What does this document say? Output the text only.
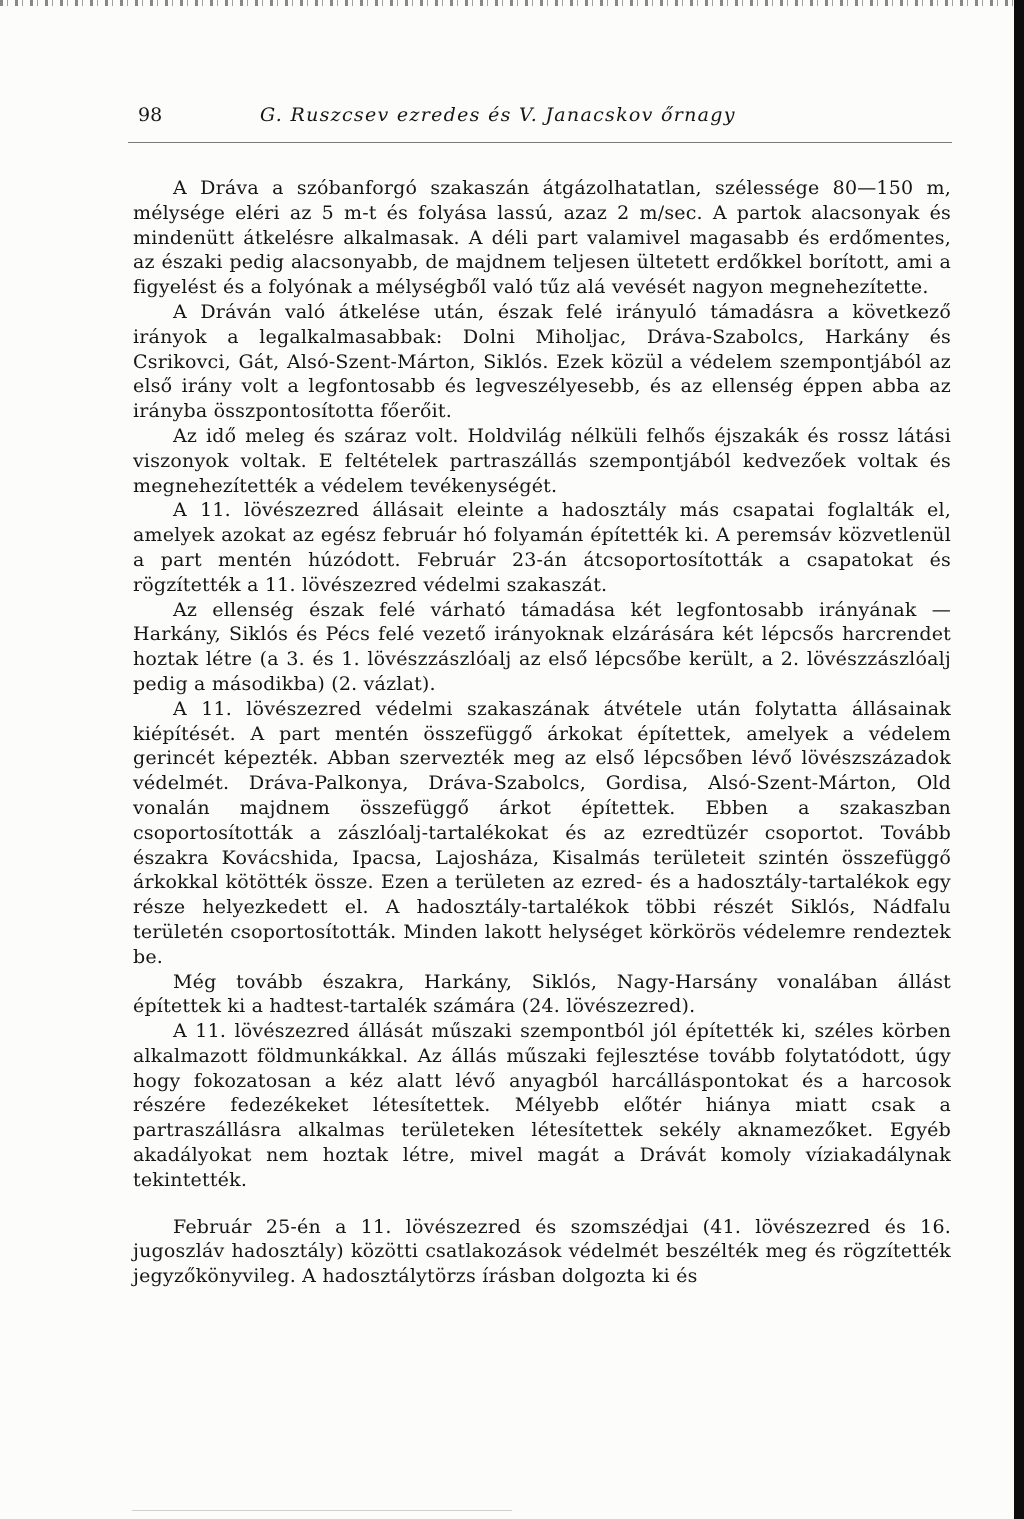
98	G. Ruszcsev ezredes és V. Janacskov őrnagy

A Dráva a szóbanforgó szakaszán átgázolhatatlan, szélessége 80—150 m, mélysége eléri az 5 m-t és folyása lassú, azaz 2 m/sec. A partok alacsonyak és mindenütt átkelésre alkalmasak. A déli part valamivel magasabb és erdőmentes, az északi pedig alacsonyabb, de majdnem teljesen ültetett erdőkkel borított, ami a figyelést és a folyónak a mélységből való tűz alá vevését nagyon megnehezítette.

A Dráván való átkelése után, észak felé irányuló támadásra a következő irányok a legalkalmasabbak: Dolni Miholjac, Dráva-Szabolcs, Harkány és Csrikovci, Gát, Alsó-Szent-Márton, Siklós. Ezek közül a védelem szempontjából az első irány volt a legfontosabb és legveszélyesebb, és az ellenség éppen abba az irányba összpontosította főerőit.

Az idő meleg és száraz volt. Holdvilág nélküli felhős éjszakák és rossz látási viszonyok voltak. E feltételek partraszállás szempontjából kedvezőek voltak és megnehezítették a védelem tevékenységét.

A 11. lövészezred állásait eleinte a hadosztály más csapatai foglalták el, amelyek azokat az egész február hó folyamán építették ki. A peremsáv közvetlenül a part mentén húzódott. Február 23-án átcsoportosították a csapatokat és rögzítették a 11. lövészezred védelmi szakaszát.

Az ellenség észak felé várható támadása két legfontosabb irányának — Harkány, Siklós és Pécs felé vezető irányoknak elzárására két lépcsős harcrendet hoztak létre (a 3. és 1. lövészzászlóalj az első lépcsőbe került, a 2. lövészzászlóalj pedig a másodikba) (2. vázlat).

A 11. lövészezred védelmi szakaszának átvétele után folytatta állásainak kiépítését. A part mentén összefüggő árkokat építettek, amelyek a védelem gerincét képezték. Abban szervezték meg az első lépcsőben lévő lövészszázadok védelmét. Dráva-Palkonya, Dráva-Szabolcs, Gordisa, Alsó-Szent-Márton, Old vonalán majdnem összefüggő árkot építettek. Ebben a szakaszban csoportosították a zászlóalj-tartalékokat és az ezredtüzér csoportot. Tovább északra Kovácshida, Ipacsa, Lajosháza, Kisalmás területeit szintén összefüggő árkokkal kötötték össze. Ezen a területen az ezred- és a hadosztály-tartalékok egy része helyezkedett el. A hadosztály-tartalékok többi részét Siklós, Nádfalu területén csoportosították. Minden lakott helységet körkörös védelemre rendeztek be.

Még tovább északra, Harkány, Siklós, Nagy-Harsány vonalában állást építettek ki a hadtest-tartalék számára (24. lövészezred).

A 11. lövészezred állását műszaki szempontból jól építették ki, széles körben alkalmazott földmunkákkal. Az állás műszaki fejlesztése tovább folytatódott, úgy hogy fokozatosan a kéz alatt lévő anyagból harcálláspontokat és a harcosok részére fedezékeket létesítettek. Mélyebb előtér hiánya miatt csak a partraszállásra alkalmas területeken létesítettek sekély aknamezőket. Egyéb akadályokat nem hoztak létre, mivel magát a Drávát komoly víziakadálynak tekintették.

Február 25-én a 11. lövészezred és szomszédjai (41. lövészezred és 16. jugoszláv hadosztály) közötti csatlakozások védelmét beszélték meg és rögzítették jegyzőkönyvileg. A hadosztálytörzs írásban dolgozta ki és
